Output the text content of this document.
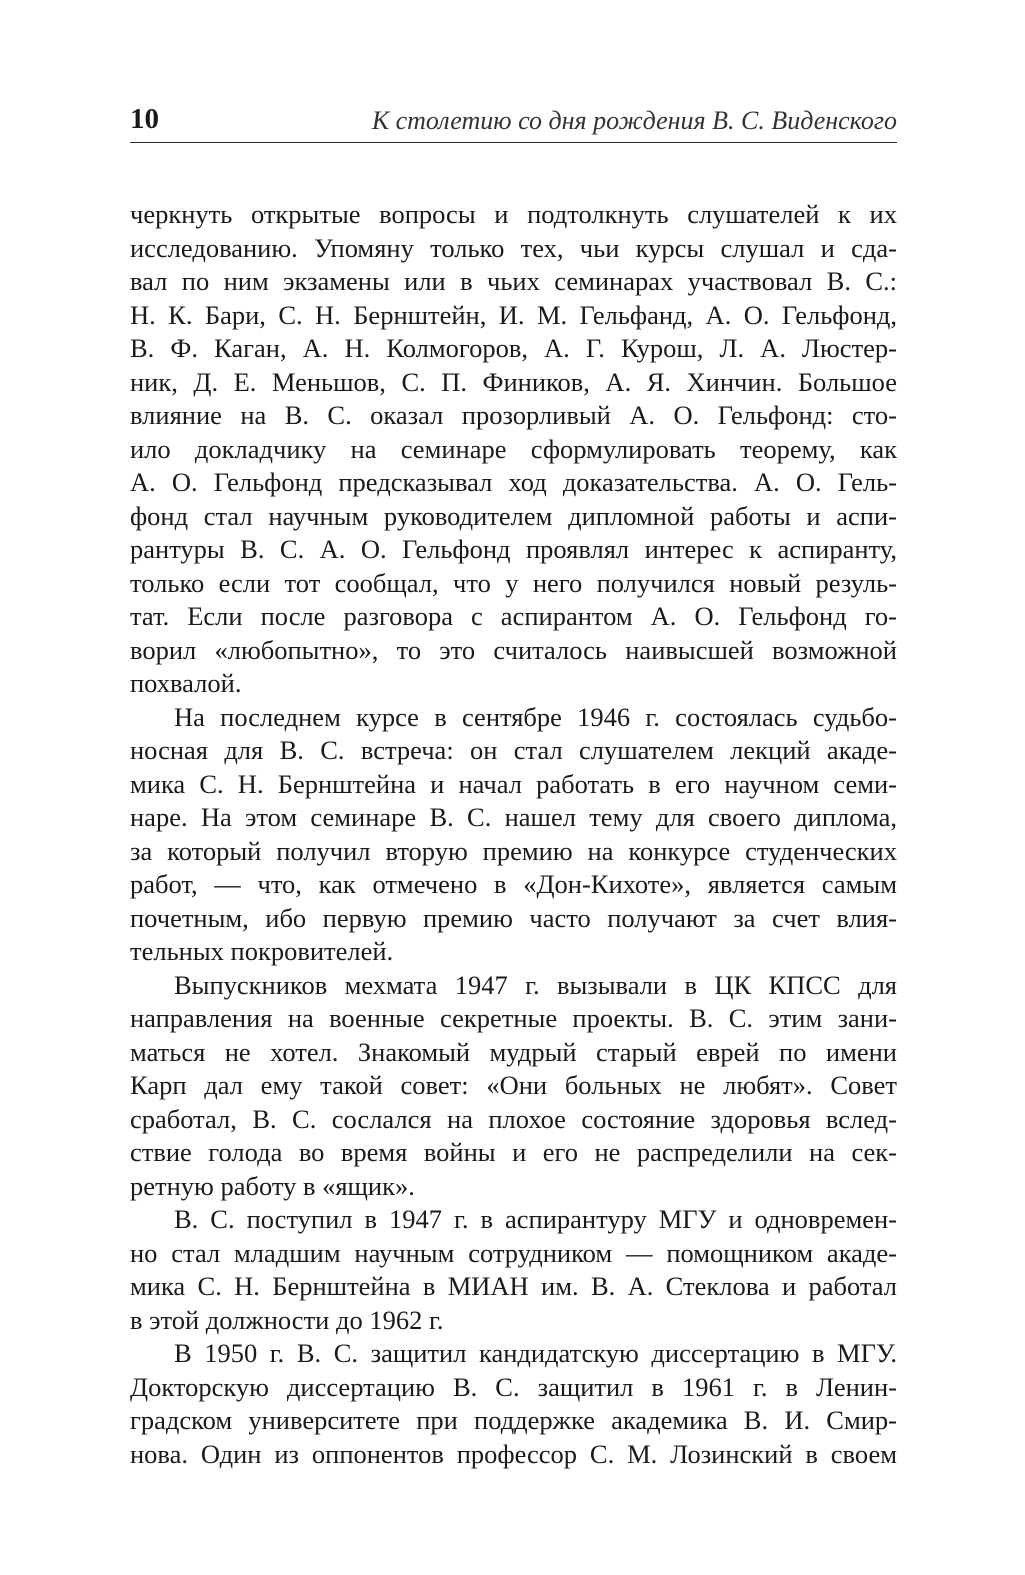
10	К столетию со дня рождения В. С. Виденского
черкнуть открытые вопросы и подтолкнуть слушателей к их
исследованию. Упомяну только тех, чьи курсы слушал и сда-
вал по ним экзамены или в чьих семинарах участвовал В. С.:
Н. К. Бари, С. Н. Бернштейн, И. М. Гельфанд, А. О. Гельфонд,
В. Ф. Каган, А. Н. Колмогоров, А. Г. Курош, Л. А. Люстер-
ник, Д. Е. Меньшов, С. П. Фиников, А. Я. Хинчин. Большое
влияние на В. С. оказал прозорливый А. О. Гельфонд: сто-
ило докладчику на семинаре сформулировать теорему, как
А. О. Гельфонд предсказывал ход доказательства. А. О. Гель-
фонд стал научным руководителем дипломной работы и аспи-
рантуры В. С. А. О. Гельфонд проявлял интерес к аспиранту,
только если тот сообщал, что у него получился новый резуль-
тат. Если после разговора с аспирантом А. О. Гельфонд го-
ворил «любопытно», то это считалось наивысшей возможной
похвалой.
На последнем курсе в сентябре 1946 г. состоялась судьбо-
носная для В. С. встреча: он стал слушателем лекций акаде-
мика С. Н. Бернштейна и начал работать в его научном семи-
наре. На этом семинаре В. С. нашел тему для своего диплома,
за который получил вторую премию на конкурсе студенческих
работ, — что, как отмечено в «Дон-Кихоте», является самым
почетным, ибо первую премию часто получают за счет влия-
тельных покровителей.
Выпускников мехмата 1947 г. вызывали в ЦК КПСС для
направления на военные секретные проекты. В. С. этим зани-
маться не хотел. Знакомый мудрый старый еврей по имени
Карп дал ему такой совет: «Они больных не любят». Совет
сработал, В. С. сослался на плохое состояние здоровья вслед-
ствие голода во время войны и его не распределили на сек-
ретную работу в «ящик».
В. С. поступил в 1947 г. в аспирантуру МГУ и одновремен-
но стал младшим научным сотрудником — помощником акаде-
мика С. Н. Бернштейна в МИАН им. В. А. Стеклова и работал
в этой должности до 1962 г.
В 1950 г. В. С. защитил кандидатскую диссертацию в МГУ.
Докторскую диссертацию В. С. защитил в 1961 г. в Ленин-
градском университете при поддержке академика В. И. Смир-
нова. Один из оппонентов профессор С. М. Лозинский в своем
